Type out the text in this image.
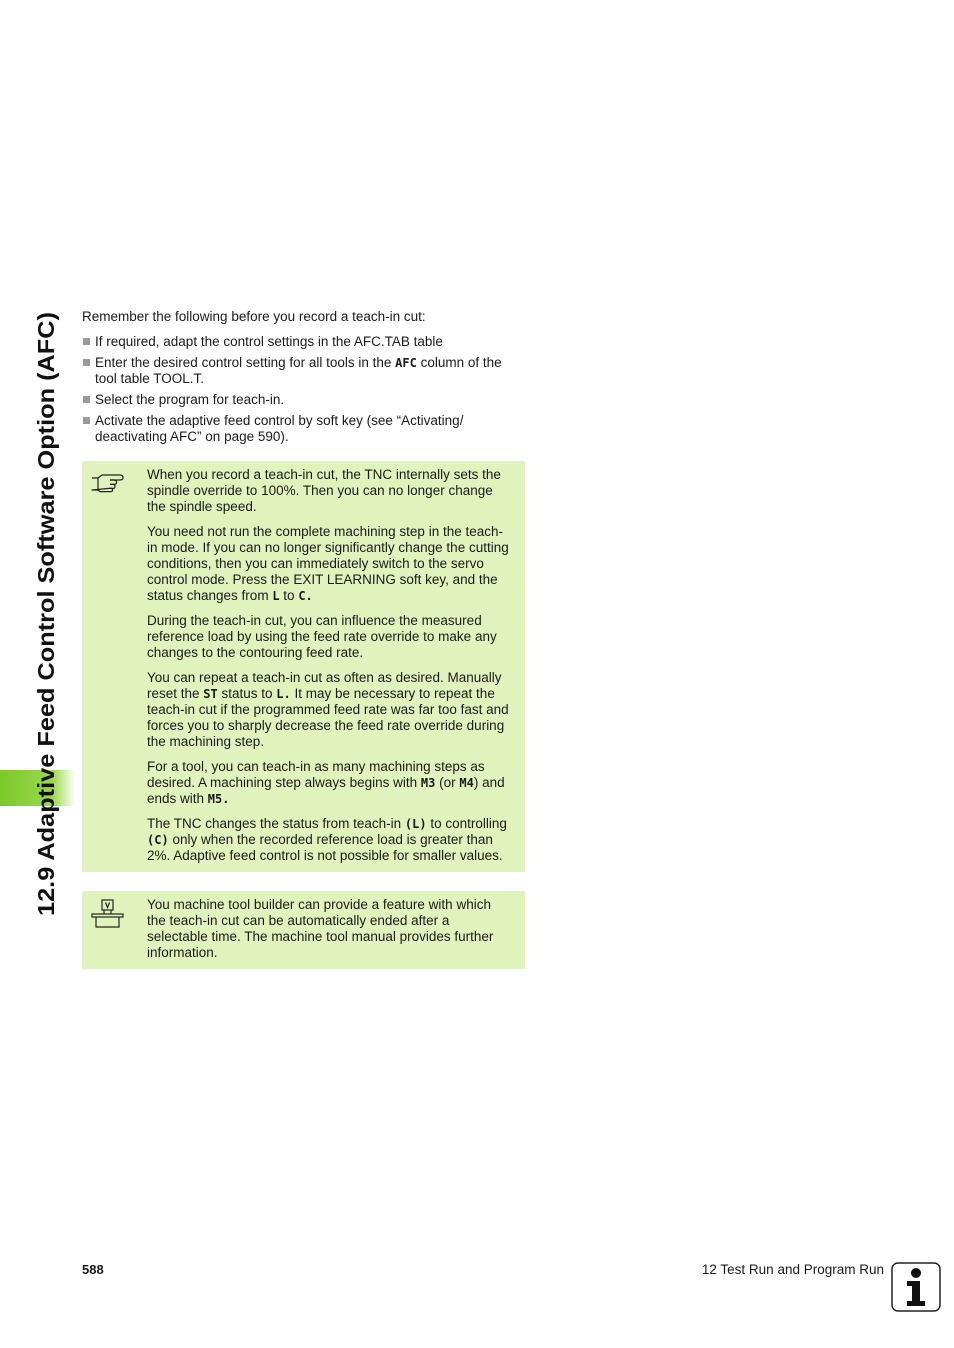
12.9 Adaptive Feed Control Software Option (AFC)

Remember the following before you record a teach-in cut:

If required, adapt the control settings in the AFC.TAB table
Enter the desired control setting for all tools in the AFC column of the tool table TOOL.T.
Select the program for teach-in.
Activate the adaptive feed control by soft key (see “Activating/ deactivating AFC” on page 590).

When you record a teach-in cut, the TNC internally sets the spindle override to 100%. Then you can no longer change the spindle speed.

You need not run the complete machining step in the teach-in mode. If you can no longer significantly change the cutting conditions, then you can immediately switch to the servo control mode. Press the EXIT LEARNING soft key, and the status changes from L to C.

During the teach-in cut, you can influence the measured reference load by using the feed rate override to make any changes to the contouring feed rate.

You can repeat a teach-in cut as often as desired. Manually reset the ST status to L. It may be necessary to repeat the teach-in cut if the programmed feed rate was far too fast and forces you to sharply decrease the feed rate override during the machining step.

For a tool, you can teach-in as many machining steps as desired. A machining step always begins with M3 (or M4) and ends with M5.

The TNC changes the status from teach-in (L) to controlling (C) only when the recorded reference load is greater than 2%. Adaptive feed control is not possible for smaller values.

You machine tool builder can provide a feature with which the teach-in cut can be automatically ended after a selectable time. The machine tool manual provides further information.

588	12 Test Run and Program Run
